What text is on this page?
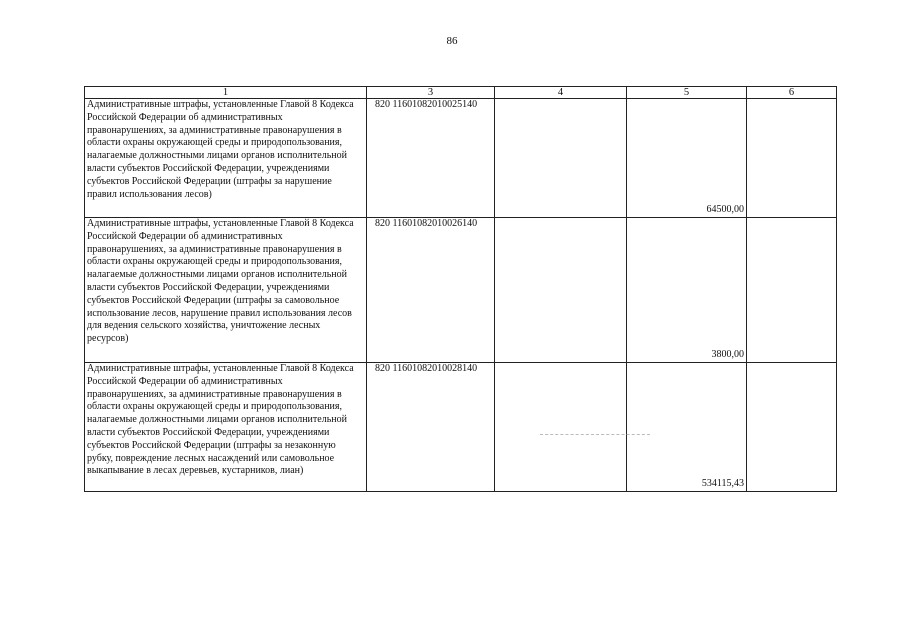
86
1	3	4	5	6
Административные штрафы, установленные Главой 8 Кодекса Российской Федерации об административных правонарушениях, за административные правонарушения в области охраны окружающей среды и природопользования, налагаемые должностными лицами органов исполнительной власти субъектов Российской Федерации, учреждениями субъектов Российской Федерации (штрафы за нарушение правил использования лесов)	820 11601082010025140		64500,00	
Административные штрафы, установленные Главой 8 Кодекса Российской Федерации об административных правонарушениях, за административные правонарушения в области охраны окружающей среды и природопользования, налагаемые должностными лицами органов исполнительной власти субъектов Российской Федерации, учреждениями субъектов Российской Федерации (штрафы за самовольное использование лесов, нарушение правил использования лесов для ведения сельского хозяйства, уничтожение лесных ресурсов)	820 11601082010026140		3800,00	
Административные штрафы, установленные Главой 8 Кодекса Российской Федерации об административных правонарушениях, за административные правонарушения в области охраны окружающей среды и природопользования, налагаемые должностными лицами органов исполнительной власти субъектов Российской Федерации, учреждениями субъектов Российской Федерации (штрафы за незаконную рубку, повреждение лесных насаждений или самовольное выкапывание в лесах деревьев, кустарников, лиан)	820 11601082010028140		534115,43	
